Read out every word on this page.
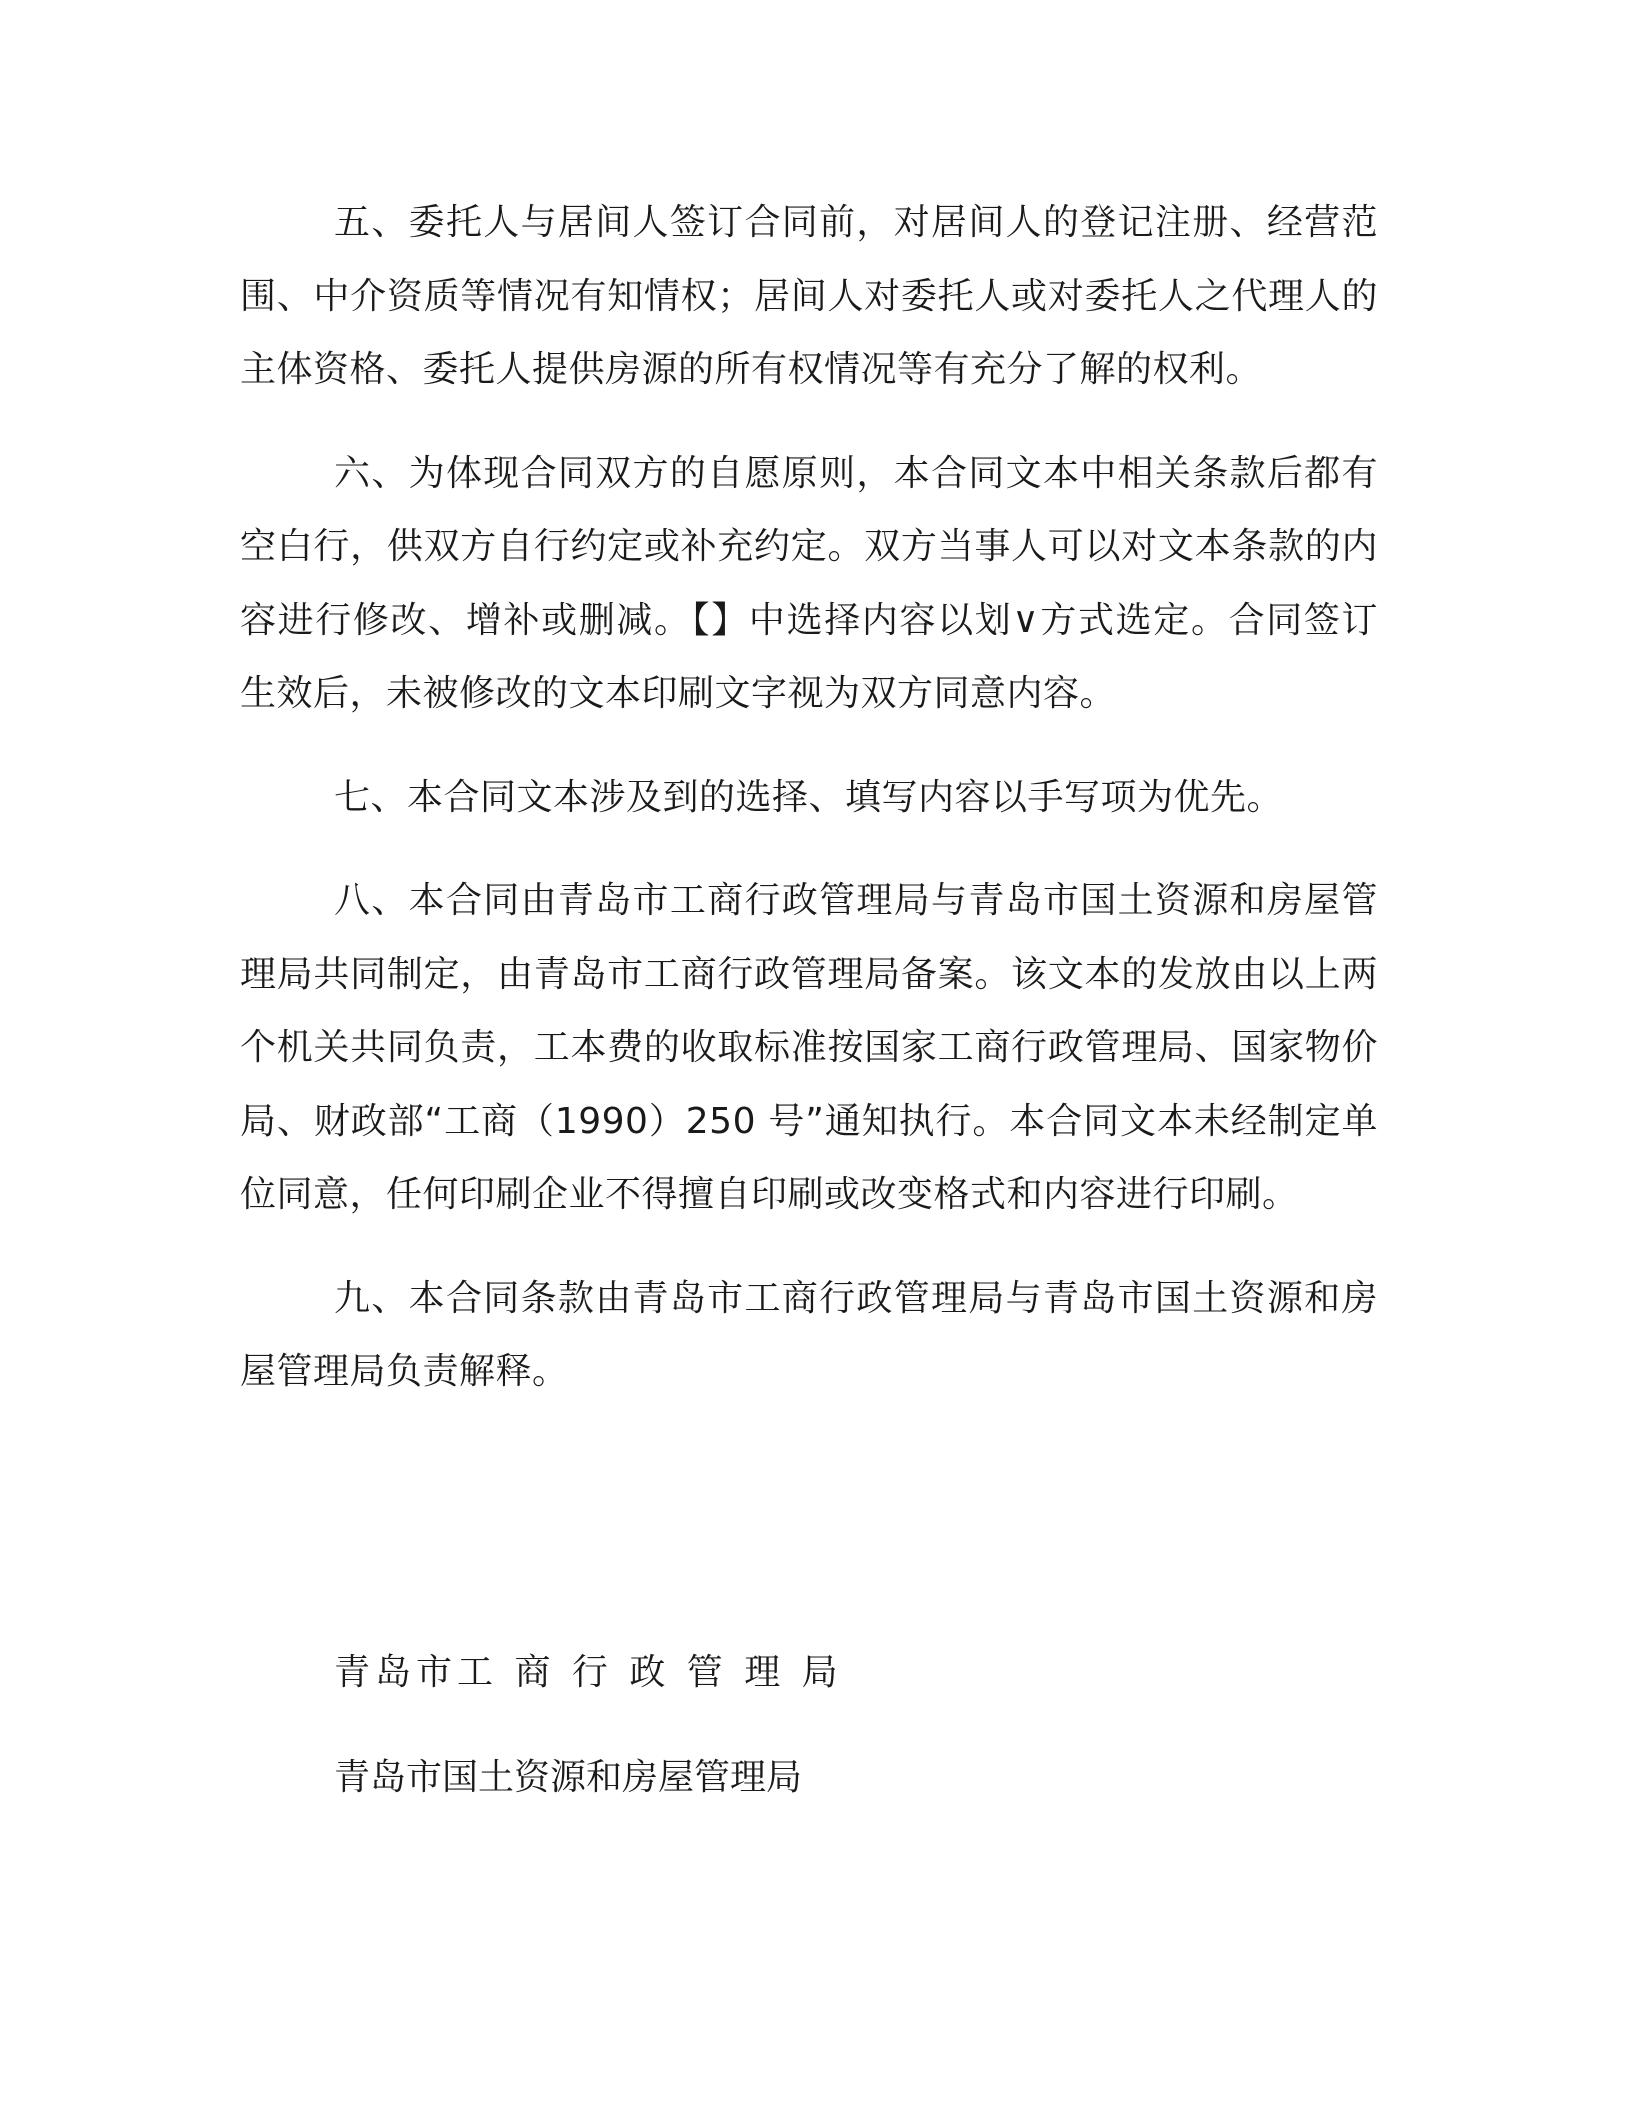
五、委托人与居间人签订合同前，对居间人的登记注册、经营范围、中介资质等情况有知情权；居间人对委托人或对委托人之代理人的主体资格、委托人提供房源的所有权情况等有充分了解的权利。

六、为体现合同双方的自愿原则，本合同文本中相关条款后都有空白行，供双方自行约定或补充约定。双方当事人可以对文本条款的内容进行修改、增补或删减。【】中选择内容以划∨方式选定。合同签订生效后，未被修改的文本印刷文字视为双方同意内容。

七、本合同文本涉及到的选择、填写内容以手写项为优先。

八、本合同由青岛市工商行政管理局与青岛市国土资源和房屋管理局共同制定，由青岛市工商行政管理局备案。该文本的发放由以上两个机关共同负责，工本费的收取标准按国家工商行政管理局、国家物价局、财政部“工商（1990）250 号”通知执行。本合同文本未经制定单位同意，任何印刷企业不得擅自印刷或改变格式和内容进行印刷。

九、本合同条款由青岛市工商行政管理局与青岛市国土资源和房屋管理局负责解释。

青岛市工 商 行 政 管 理 局
青岛市国土资源和房屋管理局
